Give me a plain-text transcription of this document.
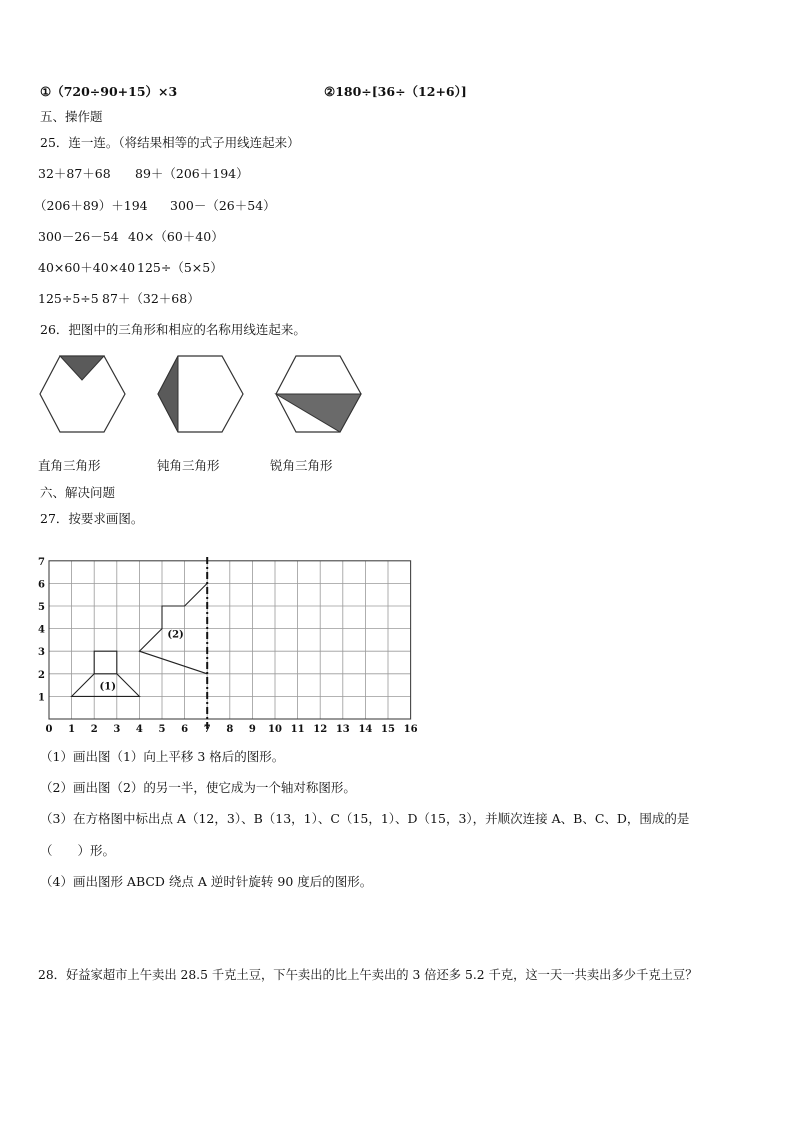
①（720÷90+15）×3	②180÷[36÷（12+6）]
五、操作题
25．连一连。（将结果相等的式子用线连起来）
32＋87＋68 89＋（206＋194）
（206＋89）＋194 300－（26＋54）
300－26－54 40×（60＋40）
40×60＋40×40 125÷（5×5）
125÷5÷5 87＋（32＋68）
26．把图中的三角形和相应的名称用线连起来。
直角三角形	钝角三角形	锐角三角形
六、解决问题
27．按要求画图。
0 1 2 3 4 5 6 7 8 9 10 11 12 13 14 15 16
1
2
3
4
5
6
7
(1)
(2)
（1）画出图（1）向上平移 3 格后的图形。
（2）画出图（2）的另一半，使它成为一个轴对称图形。
（3）在方格图中标出点 A（12，3）、B（13，1）、C（15，1）、D（15，3），并顺次连接 A、B、C、D，围成的是
（　　）形。
（4）画出图形 ABCD 绕点 A 逆时针旋转 90 度后的图形。
28．好益家超市上午卖出 28.5 千克土豆，下午卖出的比上午卖出的 3 倍还多 5.2 千克，这一天一共卖出多少千克土豆？
